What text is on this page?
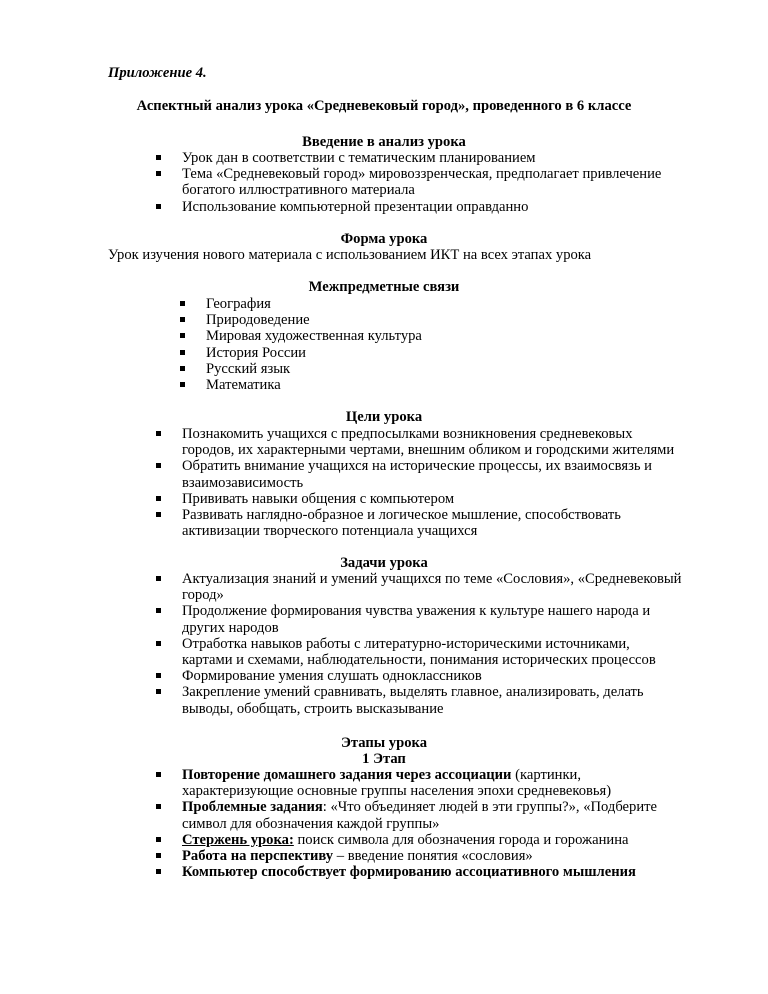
Приложение 4.
Аспектный анализ урока «Средневековый город», проведенного в 6 классе
Введение в анализ урока
Урок дан в соответствии с тематическим планированием
Тема «Средневековый город» мировоззренческая, предполагает привлечение
богатого иллюстративного материала
Использование компьютерной презентации оправданно
Форма урока
Урок изучения нового материала с использованием ИКТ на всех этапах урока
Межпредметные связи
География
Природоведение
Мировая художественная культура
История России
Русский язык
Математика
Цели урока
Познакомить учащихся с предпосылками возникновения средневековых
городов, их характерными чертами, внешним обликом и городскими жителями
Обратить внимание учащихся на исторические процессы, их взаимосвязь и
взаимозависимость
Прививать навыки общения с компьютером
Развивать наглядно-образное и логическое мышление, способствовать
активизации творческого потенциала учащихся
Задачи урока
Актуализация знаний и умений учащихся по теме «Сословия», «Средневековый
город»
Продолжение формирования чувства уважения к культуре нашего народа и
других народов
Отработка навыков работы с литературно-историческими источниками,
картами и схемами, наблюдательности, понимания исторических процессов
Формирование умения слушать одноклассников
Закрепление умений сравнивать, выделять главное, анализировать, делать
выводы, обобщать, строить высказывание
Этапы урока
1 Этап
Повторение домашнего задания через ассоциации (картинки,
характеризующие основные группы населения эпохи средневековья)
Проблемные задания: «Что объединяет людей в эти группы?», «Подберите
символ для обозначения каждой группы»
Стержень урока: поиск символа для обозначения города и горожанина
Работа на перспективу – введение понятия «сословия»
Компьютер способствует формированию ассоциативного мышления
